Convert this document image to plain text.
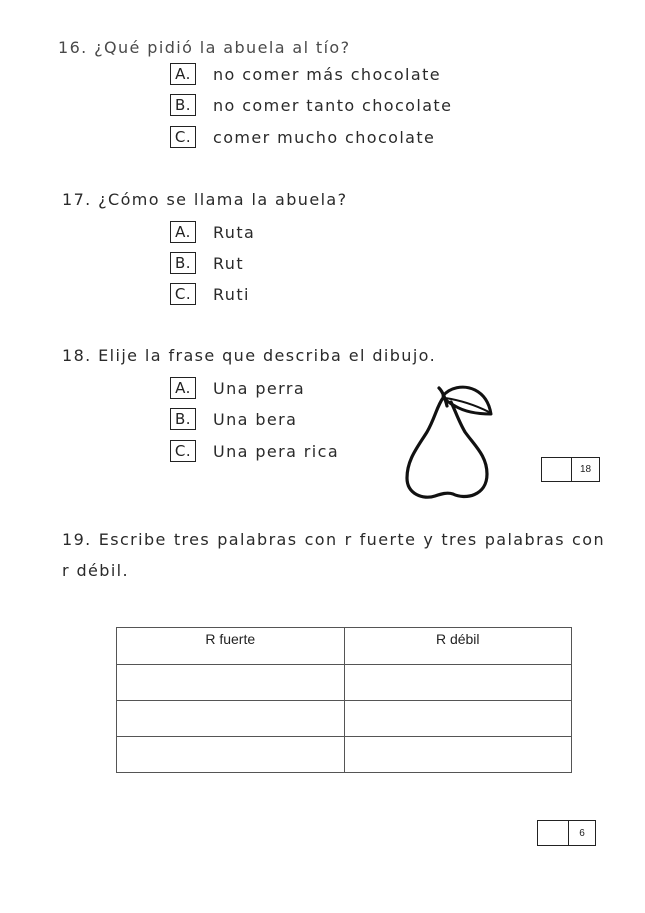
16. ¿Qué pidió la abuela al tío?
A.	no comer más chocolate
B.	no comer tanto chocolate
C.	comer mucho chocolate
17. ¿Cómo se llama la abuela?
A.	Ruta
B.	Rut
C.	Ruti
18. Elije la frase que describa el dibujo.
A.	Una perra
B.	Una bera
C.	Una pera rica
18
19. Escribe tres palabras con r fuerte y tres palabras con r débil.
R fuerte	R débil

6
